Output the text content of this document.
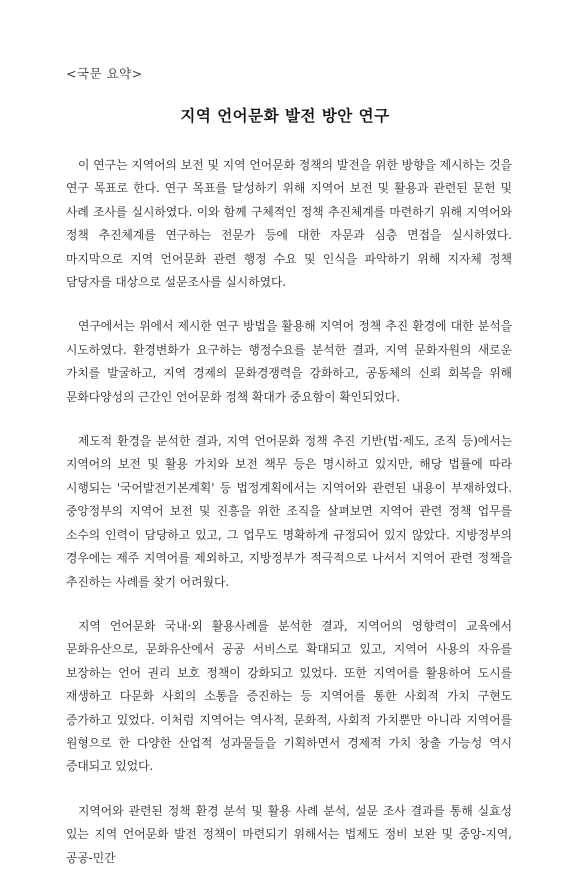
<국문 요약>
지역 언어문화 발전 방안 연구

이 연구는 지역어의 보전 및 지역 언어문화 정책의 발전을 위한 방향을 제시하는 것을 연구 목표로 한다. 연구 목표를 달성하기 위해 지역어 보전 및 활용과 관련된 문헌 및 사례 조사를 실시하였다. 이와 함께 구체적인 정책 추진체계를 마련하기 위해 지역어와 정책 추진체계를 연구하는 전문가 등에 대한 자문과 심층 면접을 실시하였다. 마지막으로 지역 언어문화 관련 행정 수요 및 인식을 파악하기 위해 지자체 정책 담당자를 대상으로 설문조사를 실시하였다.

연구에서는 위에서 제시한 연구 방법을 활용해 지역어 정책 추진 환경에 대한 분석을 시도하였다. 환경변화가 요구하는 행정수요를 분석한 결과, 지역 문화자원의 새로운 가치를 발굴하고, 지역 경제의 문화경쟁력을 강화하고, 공동체의 신뢰 회복을 위해 문화다양성의 근간인 언어문화 정책 확대가 중요함이 확인되었다.

제도적 환경을 분석한 결과, 지역 언어문화 정책 추진 기반(법·제도, 조직 등)에서는 지역어의 보전 및 활용 가치와 보전 책무 등은 명시하고 있지만, 해당 법률에 따라 시행되는 '국어발전기본계획' 등 법정계획에서는 지역어와 관련된 내용이 부재하였다. 중앙정부의 지역어 보전 및 진흥을 위한 조직을 살펴보면 지역어 관련 정책 업무를 소수의 인력이 담당하고 있고, 그 업무도 명확하게 규정되어 있지 않았다. 지방정부의 경우에는 제주 지역어를 제외하고, 지방정부가 적극적으로 나서서 지역어 관련 정책을 추진하는 사례를 찾기 어려웠다.

지역 언어문화 국내·외 활용사례를 분석한 결과, 지역어의 영향력이 교육에서 문화유산으로, 문화유산에서 공공 서비스로 확대되고 있고, 지역어 사용의 자유를 보장하는 언어 권리 보호 정책이 강화되고 있었다. 또한 지역어를 활용하여 도시를 재생하고 다문화 사회의 소통을 증진하는 등 지역어를 통한 사회적 가치 구현도 증가하고 있었다. 이처럼 지역어는 역사적, 문화적, 사회적 가치뿐만 아니라 지역어를 원형으로 한 다양한 산업적 성과물들을 기획하면서 경제적 가치 창출 가능성 역시 증대되고 있었다.

지역어와 관련된 정책 환경 분석 및 활용 사례 분석, 설문 조사 결과를 통해 실효성 있는 지역 언어문화 발전 정책이 마련되기 위해서는 법제도 정비 보완 및 중앙-지역, 공공-민간
